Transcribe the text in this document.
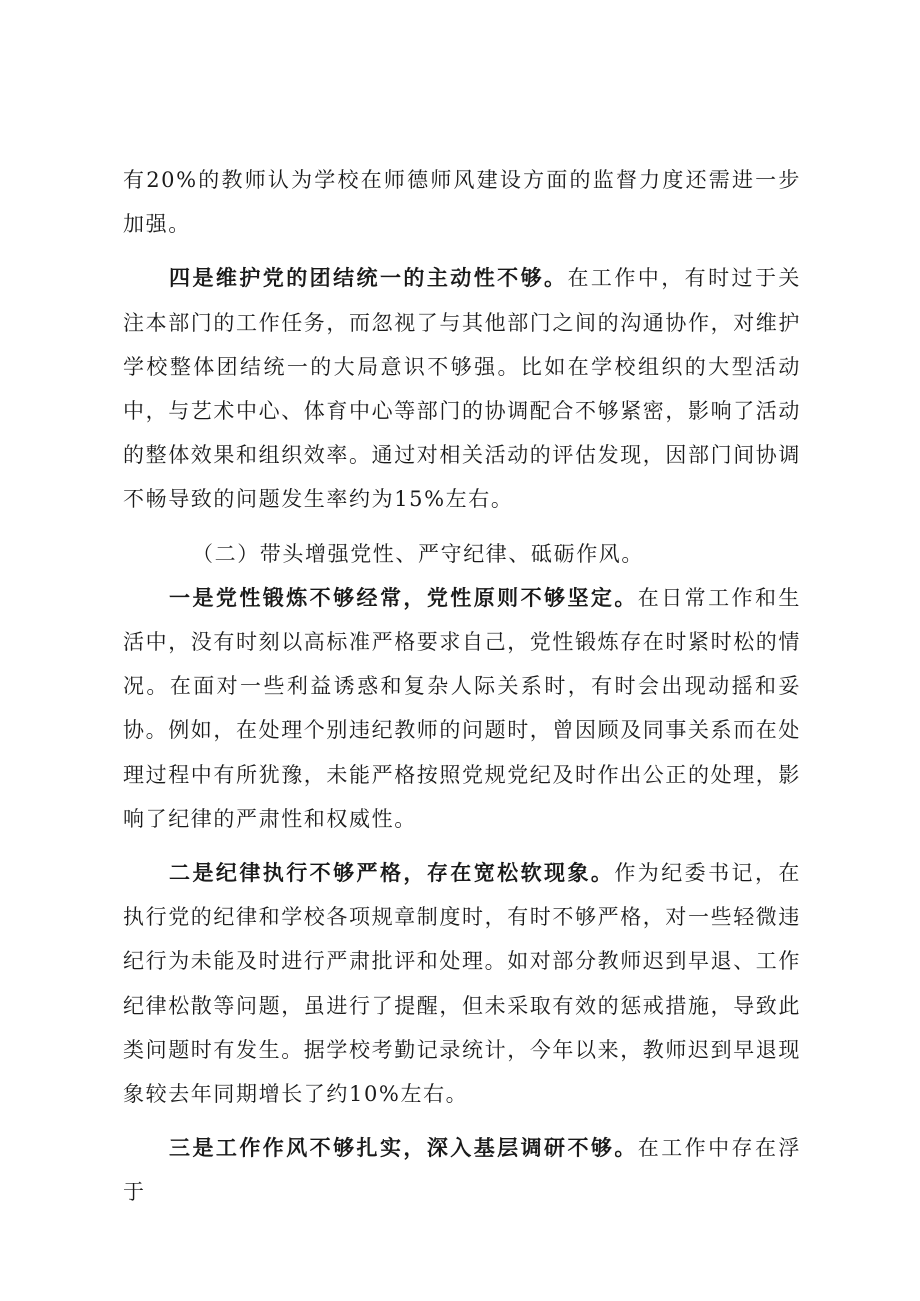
有20%的教师认为学校在师德师风建设方面的监督力度还需进一步加强。

四是维护党的团结统一的主动性不够。在工作中，有时过于关注本部门的工作任务，而忽视了与其他部门之间的沟通协作，对维护学校整体团结统一的大局意识不够强。比如在学校组织的大型活动中，与艺术中心、体育中心等部门的协调配合不够紧密，影响了活动的整体效果和组织效率。通过对相关活动的评估发现，因部门间协调不畅导致的问题发生率约为15%左右。

（二）带头增强党性、严守纪律、砥砺作风。

一是党性锻炼不够经常，党性原则不够坚定。在日常工作和生活中，没有时刻以高标准严格要求自己，党性锻炼存在时紧时松的情况。在面对一些利益诱惑和复杂人际关系时，有时会出现动摇和妥协。例如，在处理个别违纪教师的问题时，曾因顾及同事关系而在处理过程中有所犹豫，未能严格按照党规党纪及时作出公正的处理，影响了纪律的严肃性和权威性。

二是纪律执行不够严格，存在宽松软现象。作为纪委书记，在执行党的纪律和学校各项规章制度时，有时不够严格，对一些轻微违纪行为未能及时进行严肃批评和处理。如对部分教师迟到早退、工作纪律松散等问题，虽进行了提醒，但未采取有效的惩戒措施，导致此类问题时有发生。据学校考勤记录统计，今年以来，教师迟到早退现象较去年同期增长了约10%左右。

三是工作作风不够扎实，深入基层调研不够。在工作中存在浮于
